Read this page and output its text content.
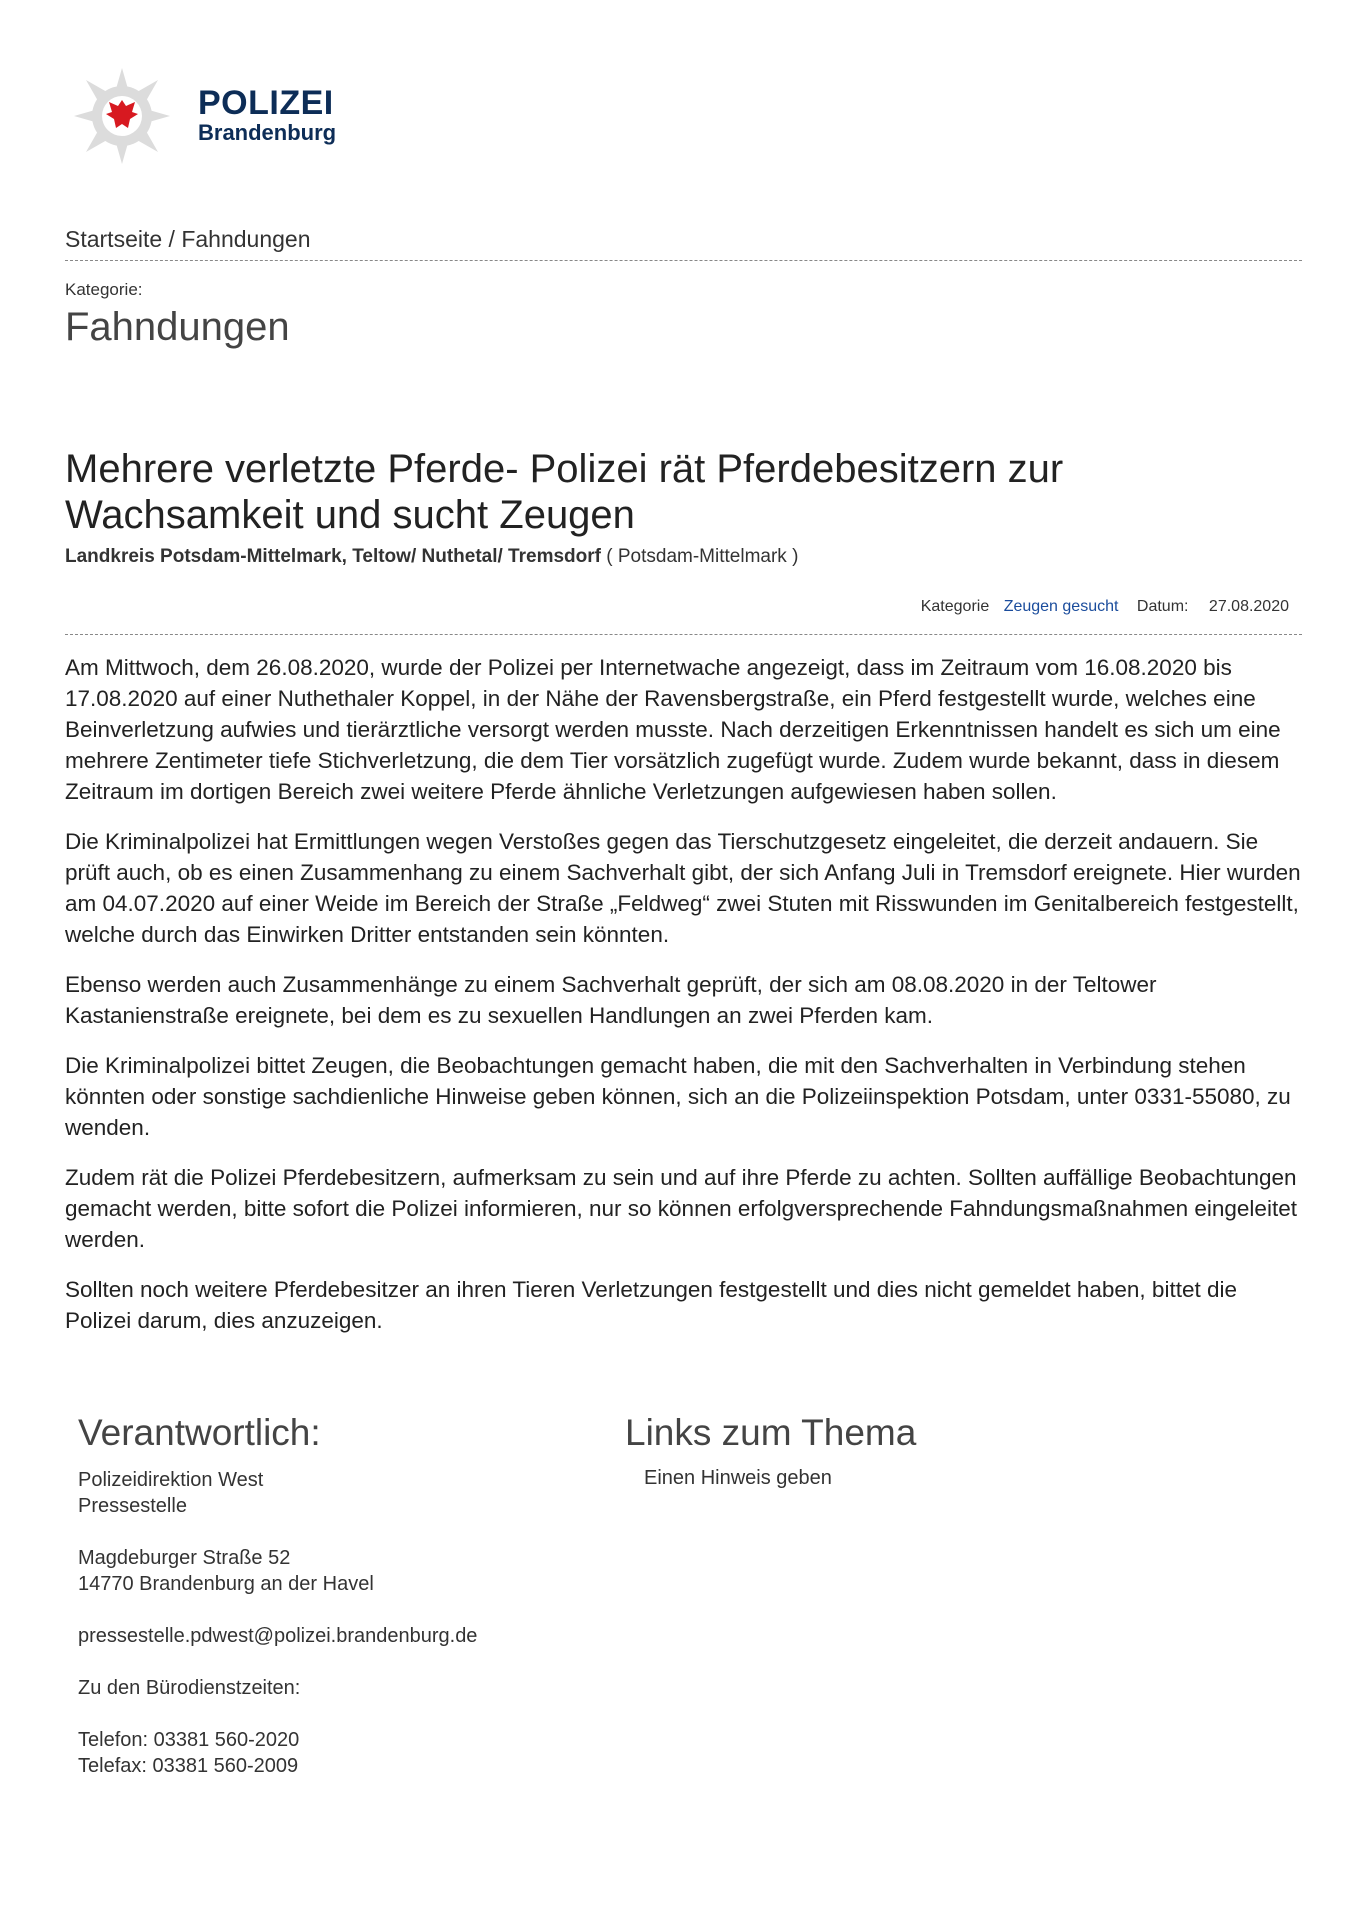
POLIZEI
Brandenburg
Startseite / Fahndungen
Kategorie:
Fahndungen
Mehrere verletzte Pferde- Polizei rät Pferdebesitzern zur Wachsamkeit und sucht Zeugen
Landkreis Potsdam-Mittelmark, Teltow/ Nuthetal/ Tremsdorf ( Potsdam-Mittelmark )
Kategorie Zeugen gesucht Datum: 27.08.2020

Am Mittwoch, dem 26.08.2020, wurde der Polizei per Internetwache angezeigt, dass im Zeitraum vom 16.08.2020 bis 17.08.2020 auf einer Nuthethaler Koppel, in der Nähe der Ravensbergstraße, ein Pferd festgestellt wurde, welches eine Beinverletzung aufwies und tierärztliche versorgt werden musste. Nach derzeitigen Erkenntnissen handelt es sich um eine mehrere Zentimeter tiefe Stichverletzung, die dem Tier vorsätzlich zugefügt wurde. Zudem wurde bekannt, dass in diesem Zeitraum im dortigen Bereich zwei weitere Pferde ähnliche Verletzungen aufgewiesen haben sollen.

Die Kriminalpolizei hat Ermittlungen wegen Verstoßes gegen das Tierschutzgesetz eingeleitet, die derzeit andauern. Sie prüft auch, ob es einen Zusammenhang zu einem Sachverhalt gibt, der sich Anfang Juli in Tremsdorf ereignete. Hier wurden am 04.07.2020 auf einer Weide im Bereich der Straße „Feldweg“ zwei Stuten mit Risswunden im Genitalbereich festgestellt, welche durch das Einwirken Dritter entstanden sein könnten.

Ebenso werden auch Zusammenhänge zu einem Sachverhalt geprüft, der sich am 08.08.2020 in der Teltower Kastanienstraße ereignete, bei dem es zu sexuellen Handlungen an zwei Pferden kam.

Die Kriminalpolizei bittet Zeugen, die Beobachtungen gemacht haben, die mit den Sachverhalten in Verbindung stehen könnten oder sonstige sachdienliche Hinweise geben können, sich an die Polizeiinspektion Potsdam, unter 0331-55080, zu wenden.

Zudem rät die Polizei Pferdebesitzern, aufmerksam zu sein und auf ihre Pferde zu achten. Sollten auffällige Beobachtungen gemacht werden, bitte sofort die Polizei informieren, nur so können erfolgversprechende Fahndungsmaßnahmen eingeleitet werden.

Sollten noch weitere Pferdebesitzer an ihren Tieren Verletzungen festgestellt und dies nicht gemeldet haben, bittet die Polizei darum, dies anzuzeigen.

Verantwortlich:
Polizeidirektion West
Pressestelle
Magdeburger Straße 52
14770 Brandenburg an der Havel
pressestelle.pdwest@polizei.brandenburg.de
Zu den Bürodienstzeiten:
Telefon: 03381 560-2020
Telefax: 03381 560-2009
Links zum Thema
Einen Hinweis geben
